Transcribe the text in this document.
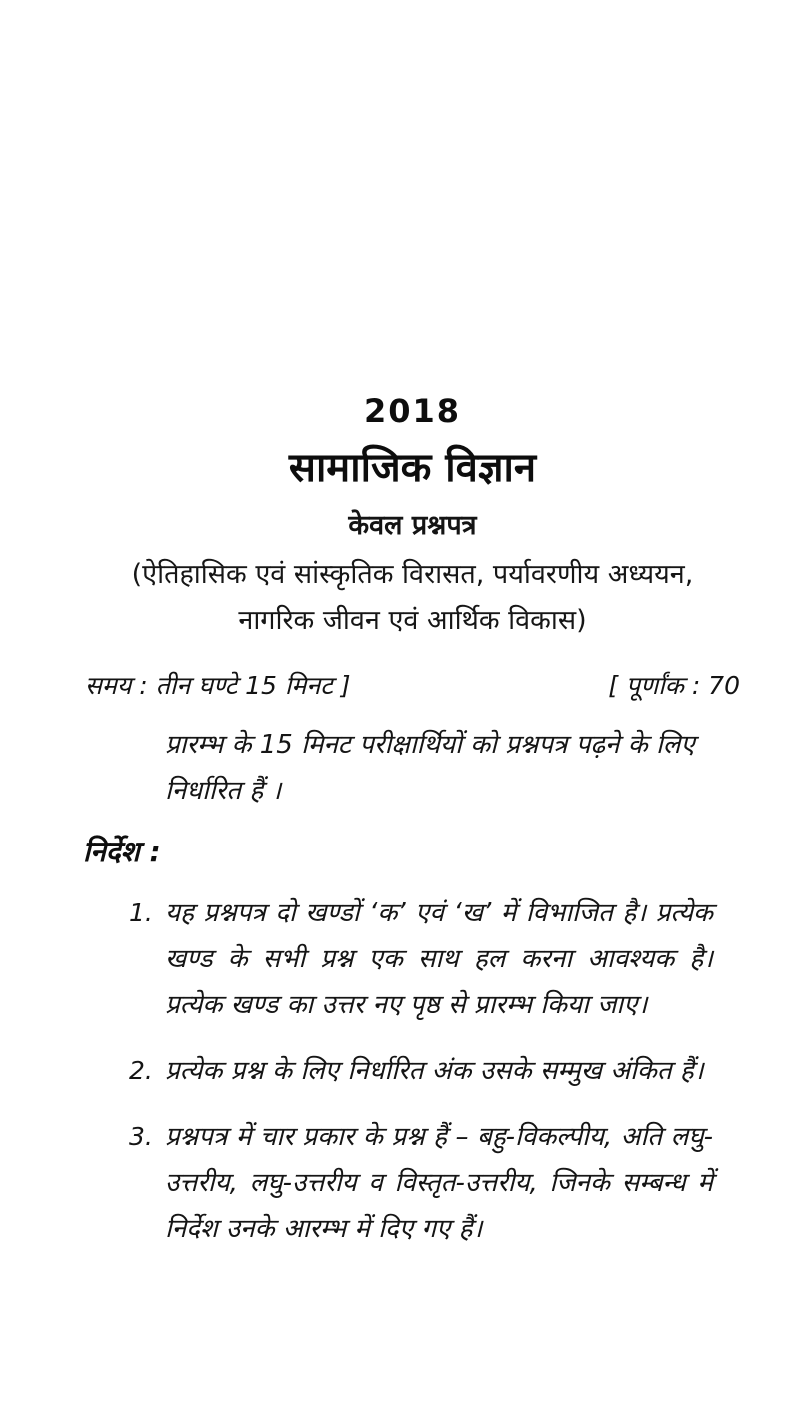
2018
सामाजिक विज्ञान
केवल प्रश्नपत्र
(ऐतिहासिक एवं सांस्कृतिक विरासत, पर्यावरणीय अध्ययन,
नागरिक जीवन एवं आर्थिक विकास)
समय : तीन घण्टे 15 मिनट ]	[ पूर्णांक : 70
प्रारम्भ के 15 मिनट परीक्षार्थियों को प्रश्नपत्र पढ़ने के लिए निर्धारित हैं ।
निर्देश :
1. यह प्रश्नपत्र दो खण्डों ‘क’ एवं ‘ख’ में विभाजित है। प्रत्येक खण्ड के सभी प्रश्न एक साथ हल करना आवश्यक है। प्रत्येक खण्ड का उत्तर नए पृष्ठ से प्रारम्भ किया जाए।
2. प्रत्येक प्रश्न के लिए निर्धारित अंक उसके सम्मुख अंकित हैं।
3. प्रश्नपत्र में चार प्रकार के प्रश्न हैं – बहु-विकल्पीय, अति लघु-उत्तरीय, लघु-उत्तरीय व विस्तृत-उत्तरीय, जिनके सम्बन्ध में निर्देश उनके आरम्भ में दिए गए हैं।
